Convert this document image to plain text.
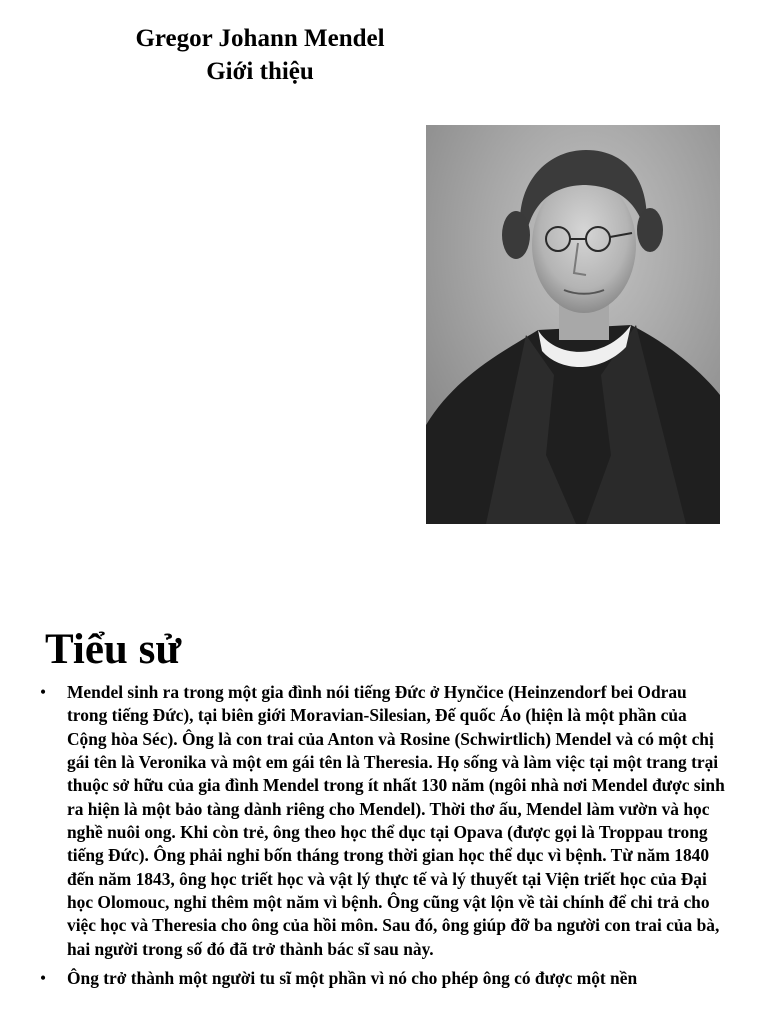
Gregor Johann Mendel
Giới thiệu
Tiểu sử
• Mendel sinh ra trong một gia đình nói tiếng Đức ở Hynčice (Heinzendorf bei Odrau trong tiếng Đức), tại biên giới Moravian-Silesian, Đế quốc Áo (hiện là một phần của Cộng hòa Séc). Ông là con trai của Anton và Rosine (Schwirtlich) Mendel và có một chị gái tên là Veronika và một em gái tên là Theresia. Họ sống và làm việc tại một trang trại thuộc sở hữu của gia đình Mendel trong ít nhất 130 năm (ngôi nhà nơi Mendel được sinh ra hiện là một bảo tàng dành riêng cho Mendel). Thời thơ ấu, Mendel làm vườn và học nghề nuôi ong. Khi còn trẻ, ông theo học thể dục tại Opava (được gọi là Troppau trong tiếng Đức). Ông phải nghỉ bốn tháng trong thời gian học thể dục vì bệnh. Từ năm 1840 đến năm 1843, ông học triết học và vật lý thực tế và lý thuyết tại Viện triết học của Đại học Olomouc, nghỉ thêm một năm vì bệnh. Ông cũng vật lộn về tài chính để chi trả cho việc học và Theresia cho ông của hồi môn. Sau đó, ông giúp đỡ ba người con trai của bà, hai người trong số đó đã trở thành bác sĩ sau này.
• Ông trở thành một người tu sĩ một phần vì nó cho phép ông có được một nền
